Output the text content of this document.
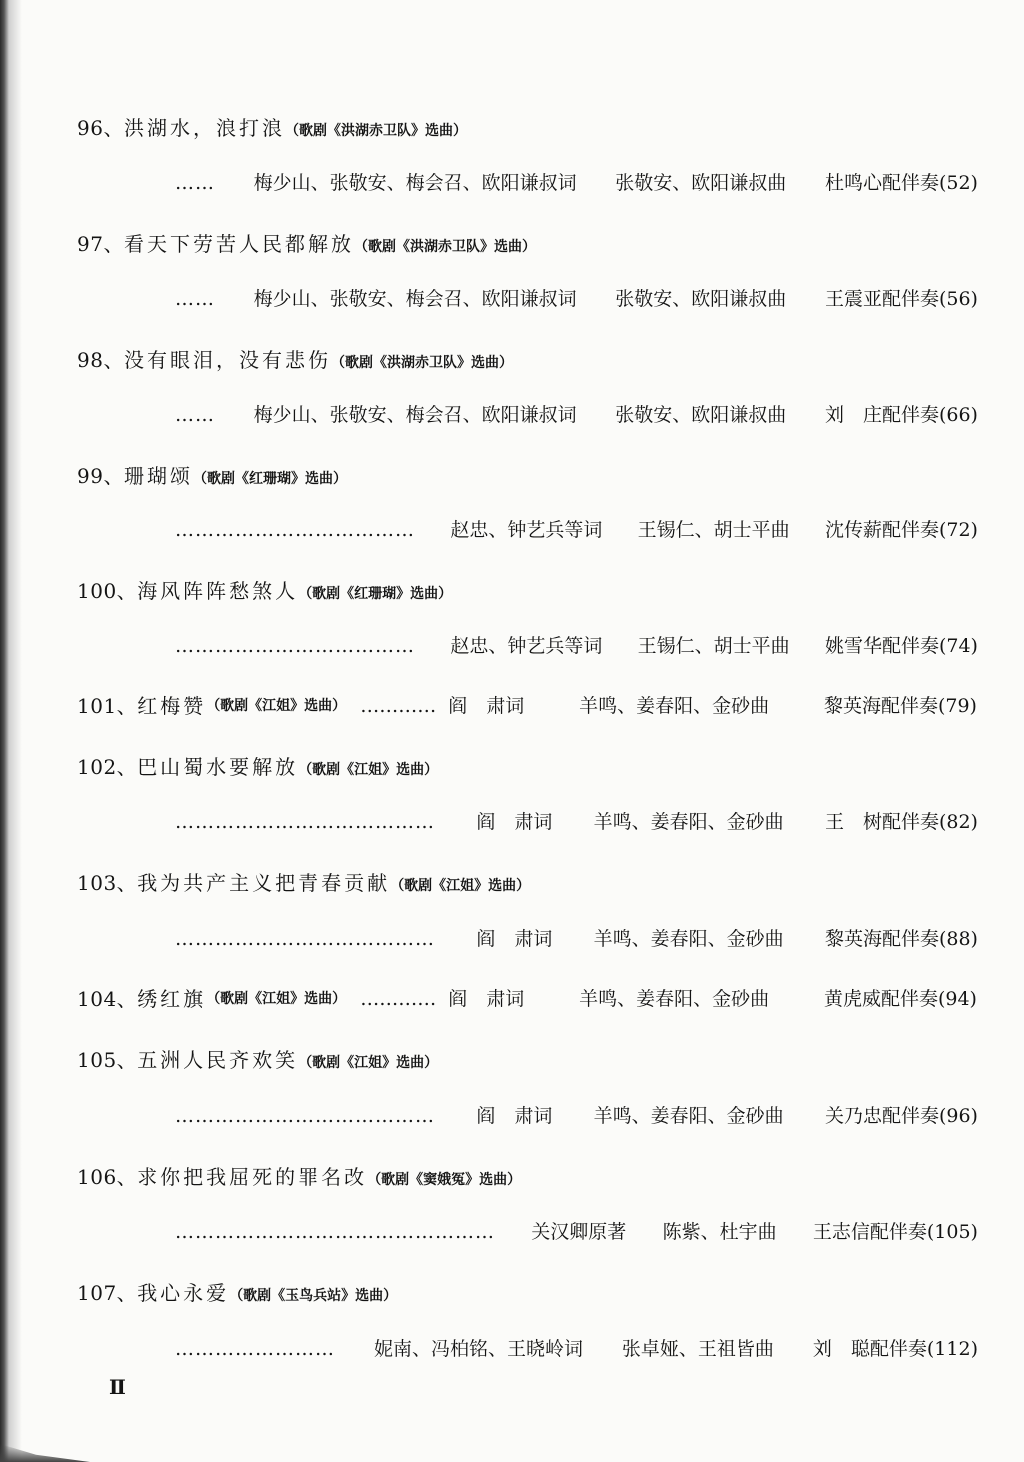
96、洪湖水，浪打浪（歌剧《洪湖赤卫队》选曲）
…… 梅少山、张敬安、梅会召、欧阳谦叔词 张敬安、欧阳谦叔曲 杜鸣心配伴奏(52)
97、看天下劳苦人民都解放（歌剧《洪湖赤卫队》选曲）
…… 梅少山、张敬安、梅会召、欧阳谦叔词 张敬安、欧阳谦叔曲 王震亚配伴奏(56)
98、没有眼泪，没有悲伤（歌剧《洪湖赤卫队》选曲）
…… 梅少山、张敬安、梅会召、欧阳谦叔词 张敬安、欧阳谦叔曲 刘　庄配伴奏(66)
99、珊瑚颂（歌剧《红珊瑚》选曲）
……………………………… 赵忠、钟艺兵等词 王锡仁、胡士平曲 沈传薪配伴奏(72)
100、海风阵阵愁煞人（歌剧《红珊瑚》选曲）
……………………………… 赵忠、钟艺兵等词 王锡仁、胡士平曲 姚雪华配伴奏(74)
101、 红梅赞 （歌剧《江姐》选曲） ………… 阎　肃词	羊鸣、姜春阳、金砂曲	黎英海配伴奏(79)
102、巴山蜀水要解放（歌剧《江姐》选曲）
………………………………… 阎　肃词 羊鸣、姜春阳、金砂曲 王　树配伴奏(82)
103、我为共产主义把青春贡献（歌剧《江姐》选曲）
………………………………… 阎　肃词 羊鸣、姜春阳、金砂曲 黎英海配伴奏(88)
104、 绣红旗 （歌剧《江姐》选曲） ………… 阎　肃词	羊鸣、姜春阳、金砂曲	黄虎威配伴奏(94)
105、五洲人民齐欢笑（歌剧《江姐》选曲）
………………………………… 阎　肃词 羊鸣、姜春阳、金砂曲 关乃忠配伴奏(96)
106、求你把我屈死的罪名改（歌剧《窦娥冤》选曲）
………………………………………… 关汉卿原著 陈紫、杜宇曲 王志信配伴奏(105)
107、我心永爱（歌剧《玉鸟兵站》选曲）
…………………… 妮南、冯柏铭、王晓岭词 张卓娅、王祖皆曲 刘　聪配伴奏(112)
Ⅱ
